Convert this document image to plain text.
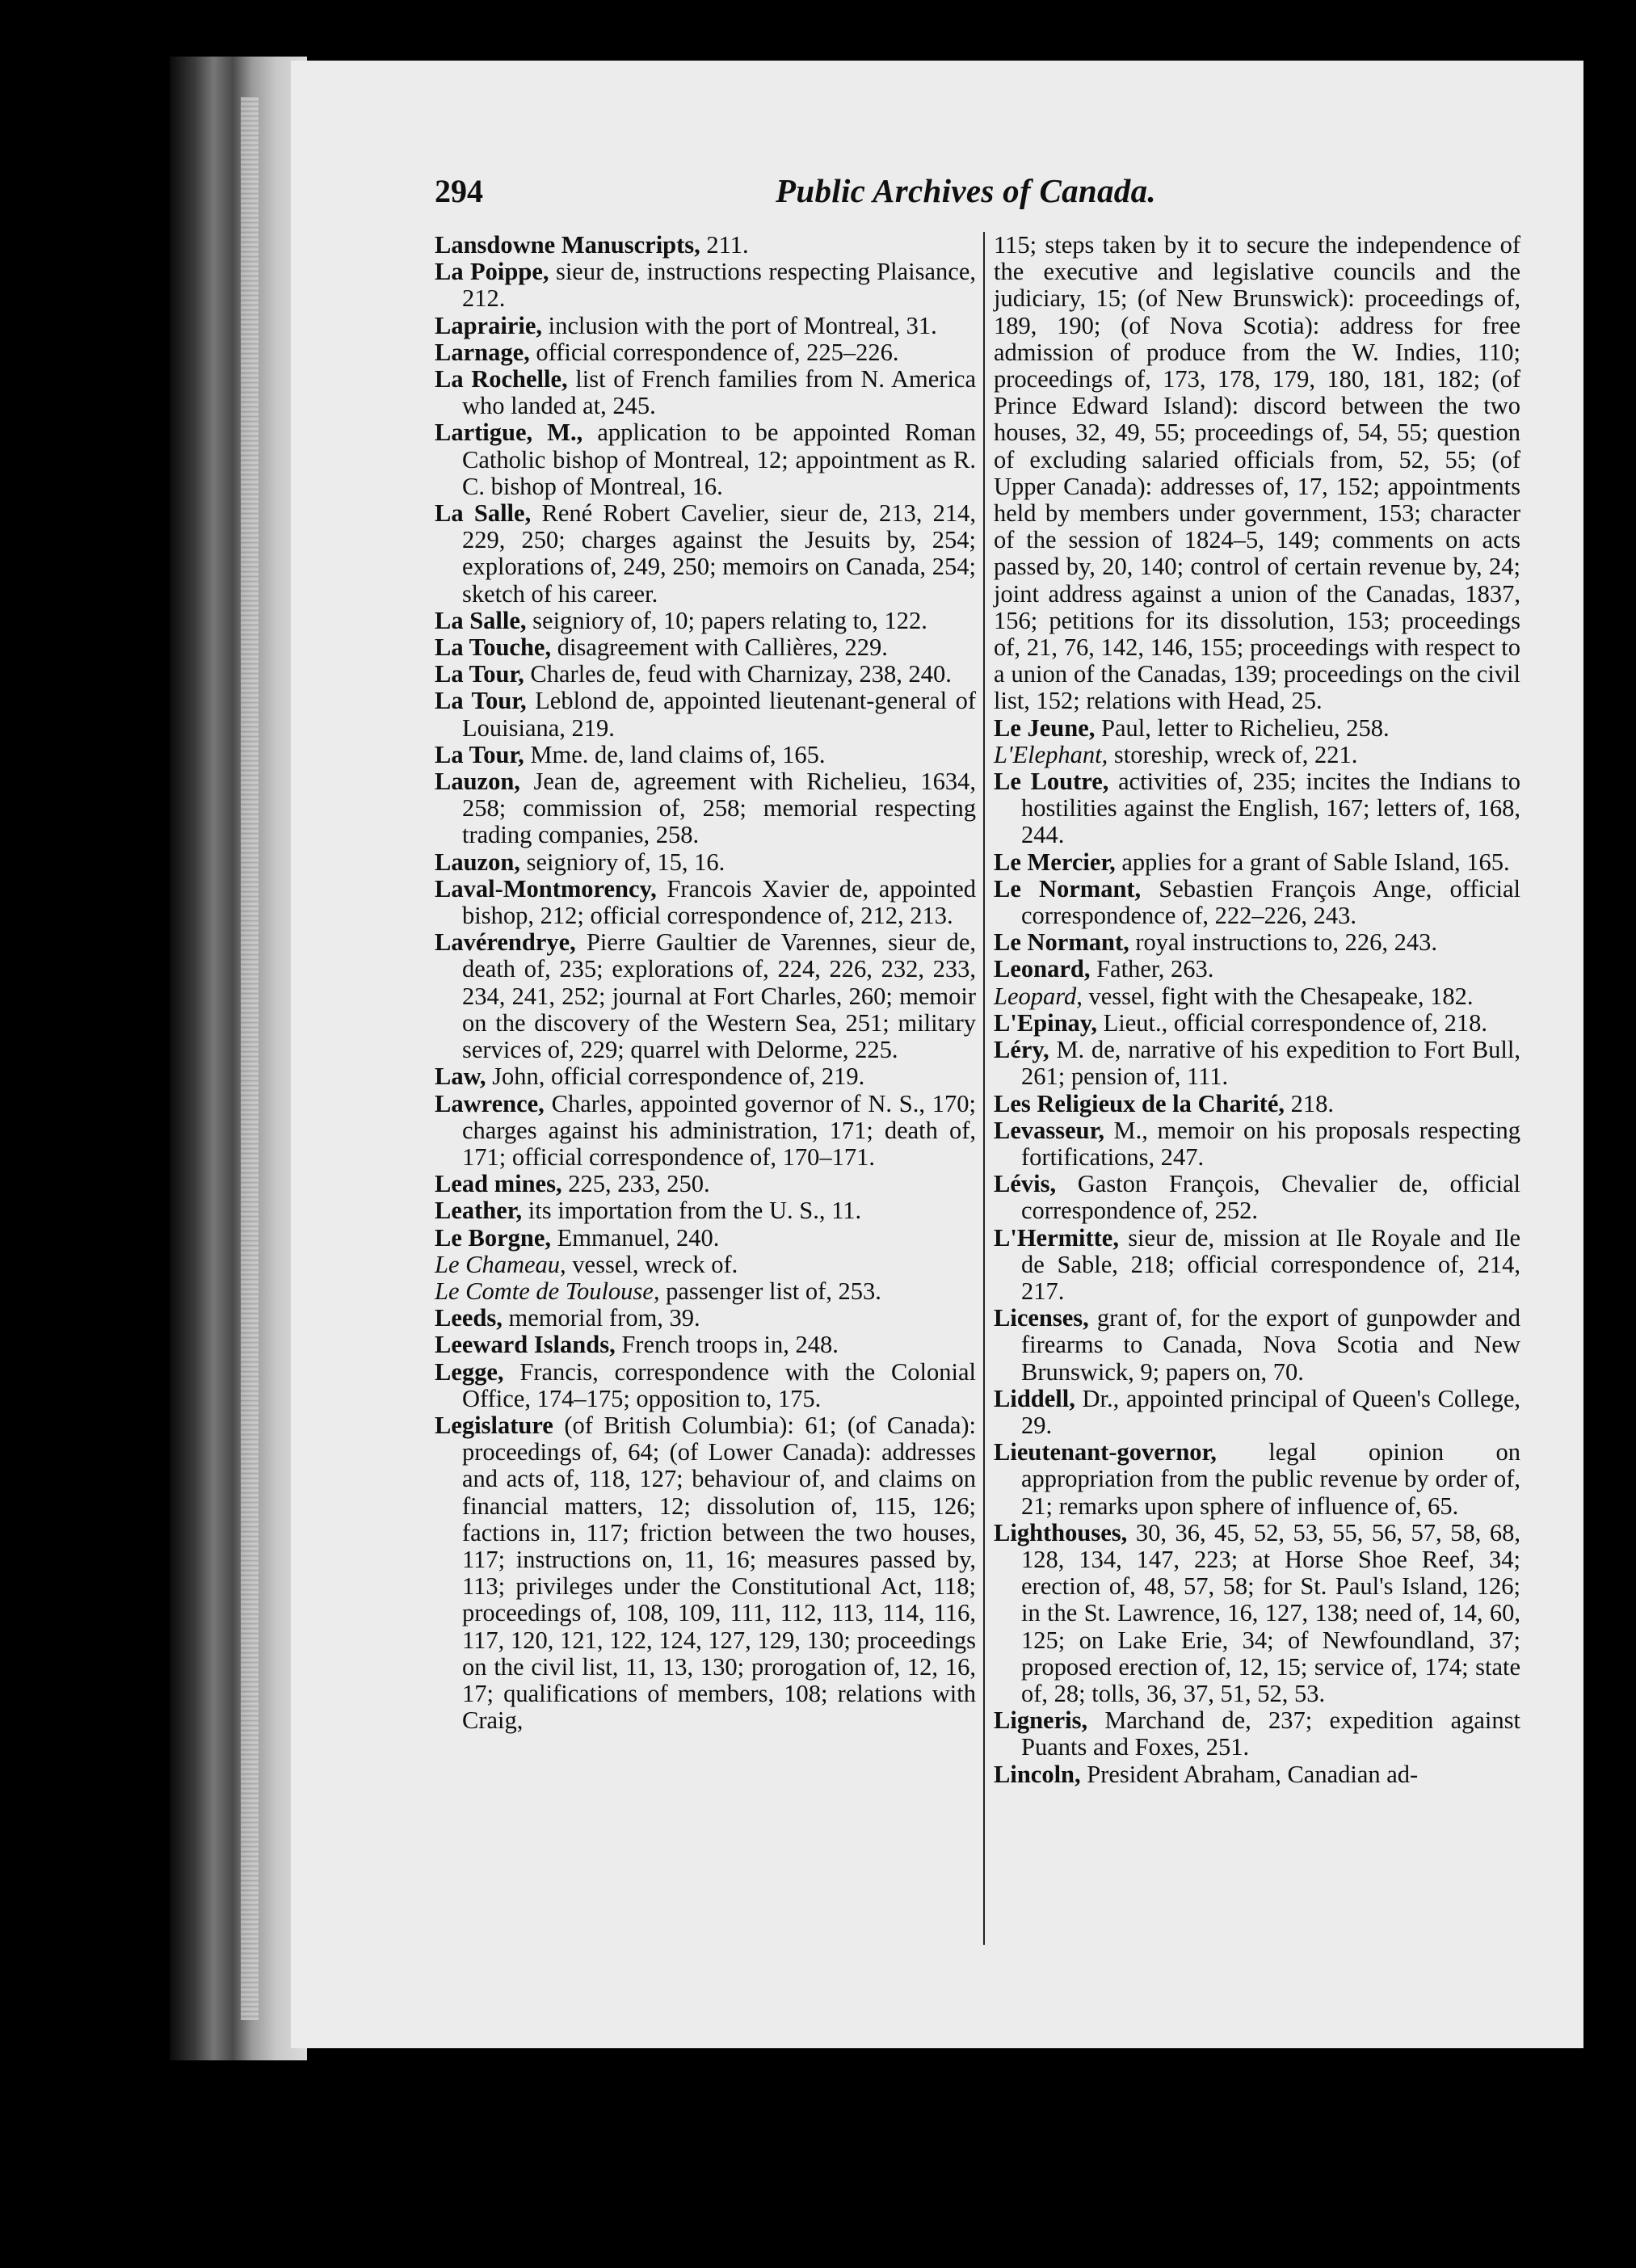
294	Public Archives of Canada.

Lansdowne Manuscripts, 211.

La Poippe, sieur de, instructions respecting Plaisance, 212.

Laprairie, inclusion with the port of Montreal, 31.

Larnage, official correspondence of, 225–226.

La Rochelle, list of French families from N. America who landed at, 245.

Lartigue, M., application to be appointed Roman Catholic bishop of Montreal, 12; appointment as R. C. bishop of Montreal, 16.

La Salle, René Robert Cavelier, sieur de, 213, 214, 229, 250; charges against the Jesuits by, 254; explorations of, 249, 250; memoirs on Canada, 254; sketch of his career.

La Salle, seigniory of, 10; papers relating to, 122.

La Touche, disagreement with Callières, 229.

La Tour, Charles de, feud with Charnizay, 238, 240.

La Tour, Leblond de, appointed lieutenant-general of Louisiana, 219.

La Tour, Mme. de, land claims of, 165.

Lauzon, Jean de, agreement with Richelieu, 1634, 258; commission of, 258; memorial respecting trading companies, 258.

Lauzon, seigniory of, 15, 16.

Laval-Montmorency, Francois Xavier de, appointed bishop, 212; official correspondence of, 212, 213.

Lavérendrye, Pierre Gaultier de Varennes, sieur de, death of, 235; explorations of, 224, 226, 232, 233, 234, 241, 252; journal at Fort Charles, 260; memoir on the discovery of the Western Sea, 251; military services of, 229; quarrel with Delorme, 225.

Law, John, official correspondence of, 219.

Lawrence, Charles, appointed governor of N. S., 170; charges against his administration, 171; death of, 171; official correspondence of, 170–171.

Lead mines, 225, 233, 250.

Leather, its importation from the U. S., 11.

Le Borgne, Emmanuel, 240.

Le Chameau, vessel, wreck of.

Le Comte de Toulouse, passenger list of, 253.

Leeds, memorial from, 39.

Leeward Islands, French troops in, 248.

Legge, Francis, correspondence with the Colonial Office, 174–175; opposition to, 175.

Legislature (of British Columbia): 61; (of Canada): proceedings of, 64; (of Lower Canada): addresses and acts of, 118, 127; behaviour of, and claims on financial matters, 12; dissolution of, 115, 126; factions in, 117; friction between the two houses, 117; instructions on, 11, 16; measures passed by, 113; privileges under the Constitutional Act, 118; proceedings of, 108, 109, 111, 112, 113, 114, 116, 117, 120, 121, 122, 124, 127, 129, 130; proceedings on the civil list, 11, 13, 130; prorogation of, 12, 16, 17; qualifications of members, 108; relations with Craig,

115; steps taken by it to secure the independence of the executive and legislative councils and the judiciary, 15; (of New Brunswick): proceedings of, 189, 190; (of Nova Scotia): address for free admission of produce from the W. Indies, 110; proceedings of, 173, 178, 179, 180, 181, 182; (of Prince Edward Island): discord between the two houses, 32, 49, 55; proceedings of, 54, 55; question of excluding salaried officials from, 52, 55; (of Upper Canada): addresses of, 17, 152; appointments held by members under government, 153; character of the session of 1824–5, 149; comments on acts passed by, 20, 140; control of certain revenue by, 24; joint address against a union of the Canadas, 1837, 156; petitions for its dissolution, 153; proceedings of, 21, 76, 142, 146, 155; proceedings with respect to a union of the Canadas, 139; proceedings on the civil list, 152; relations with Head, 25.

Le Jeune, Paul, letter to Richelieu, 258.

L'Elephant, storeship, wreck of, 221.

Le Loutre, activities of, 235; incites the Indians to hostilities against the English, 167; letters of, 168, 244.

Le Mercier, applies for a grant of Sable Island, 165.

Le Normant, Sebastien François Ange, official correspondence of, 222–226, 243.

Le Normant, royal instructions to, 226, 243.

Leonard, Father, 263.

Leopard, vessel, fight with the Chesapeake, 182.

L'Epinay, Lieut., official correspondence of, 218.

Léry, M. de, narrative of his expedition to Fort Bull, 261; pension of, 111.

Les Religieux de la Charité, 218.

Levasseur, M., memoir on his proposals respecting fortifications, 247.

Lévis, Gaston François, Chevalier de, official correspondence of, 252.

L'Hermitte, sieur de, mission at Ile Royale and Ile de Sable, 218; official correspondence of, 214, 217.

Licenses, grant of, for the export of gunpowder and firearms to Canada, Nova Scotia and New Brunswick, 9; papers on, 70.

Liddell, Dr., appointed principal of Queen's College, 29.

Lieutenant-governor, legal opinion on appropriation from the public revenue by order of, 21; remarks upon sphere of influence of, 65.

Lighthouses, 30, 36, 45, 52, 53, 55, 56, 57, 58, 68, 128, 134, 147, 223; at Horse Shoe Reef, 34; erection of, 48, 57, 58; for St. Paul's Island, 126; in the St. Lawrence, 16, 127, 138; need of, 14, 60, 125; on Lake Erie, 34; of Newfoundland, 37; proposed erection of, 12, 15; service of, 174; state of, 28; tolls, 36, 37, 51, 52, 53.

Ligneris, Marchand de, 237; expedition against Puants and Foxes, 251.

Lincoln, President Abraham, Canadian ad-
